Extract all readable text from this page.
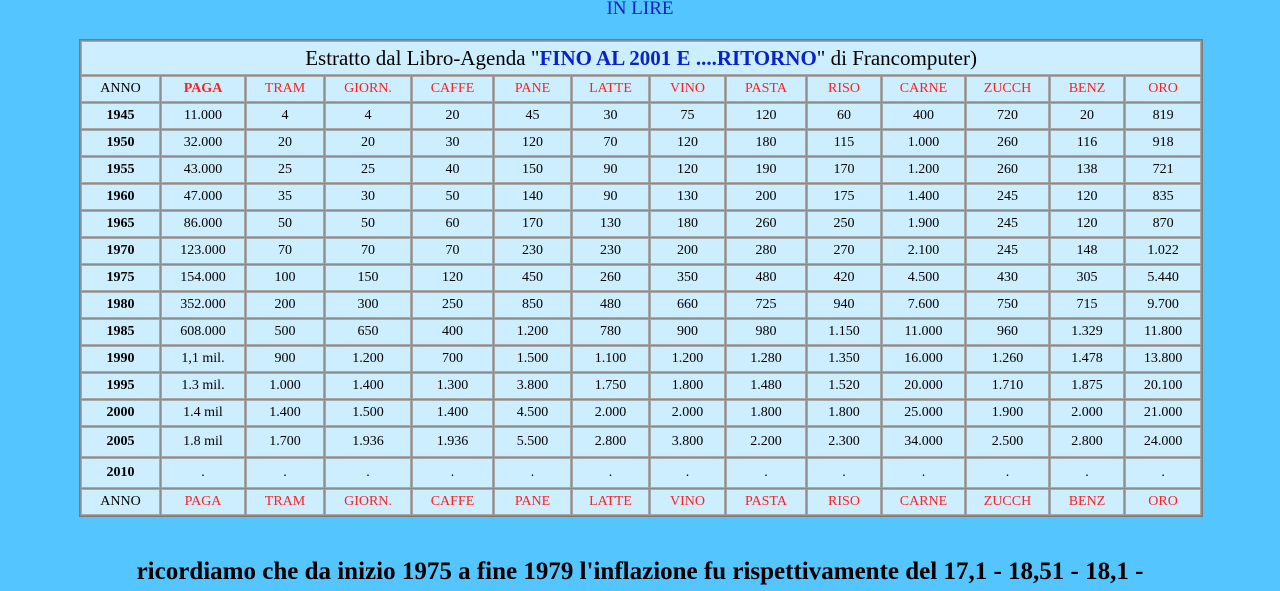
IN LIRE
Estratto dal Libro-Agenda "FINO AL 2001 E ....RITORNO" di Francomputer)													
ANNO	PAGA	TRAM	GIORN.	CAFFE	PANE	LATTE	VINO	PASTA	RISO	CARNE	ZUCCH	BENZ	ORO
1945	11.000	4	4	20	45	30	75	120	60	400	720	20	819
1950	32.000	20	20	30	120	70	120	180	115	1.000	260	116	918
1955	43.000	25	25	40	150	90	120	190	170	1.200	260	138	721
1960	47.000	35	30	50	140	90	130	200	175	1.400	245	120	835
1965	86.000	50	50	60	170	130	180	260	250	1.900	245	120	870
1970	123.000	70	70	70	230	230	200	280	270	2.100	245	148	1.022
1975	154.000	100	150	120	450	260	350	480	420	4.500	430	305	5.440
1980	352.000	200	300	250	850	480	660	725	940	7.600	750	715	9.700
1985	608.000	500	650	400	1.200	780	900	980	1.150	11.000	960	1.329	11.800
1990	1,1 mil.	900	1.200	700	1.500	1.100	1.200	1.280	1.350	16.000	1.260	1.478	13.800
1995	1.3 mil.	1.000	1.400	1.300	3.800	1.750	1.800	1.480	1.520	20.000	1.710	1.875	20.100
2000	1.4 mil	1.400	1.500	1.400	4.500	2.000	2.000	1.800	1.800	25.000	1.900	2.000	21.000
2005	1.8 mil	1.700	1.936	1.936	5.500	2.800	3.800	2.200	2.300	34.000	2.500	2.800	24.000
2010	.	.	.	.	.	.	.	.	.	.	.	.	.
ANNO	PAGA	TRAM	GIORN.	CAFFE	PANE	LATTE	VINO	PASTA	RISO	CARNE	ZUCCH	BENZ	ORO
ricordiamo che da inizio 1975 a fine 1979 l'inflazione fu rispettivamente del 17,1 - 18,51 - 18,1 -
